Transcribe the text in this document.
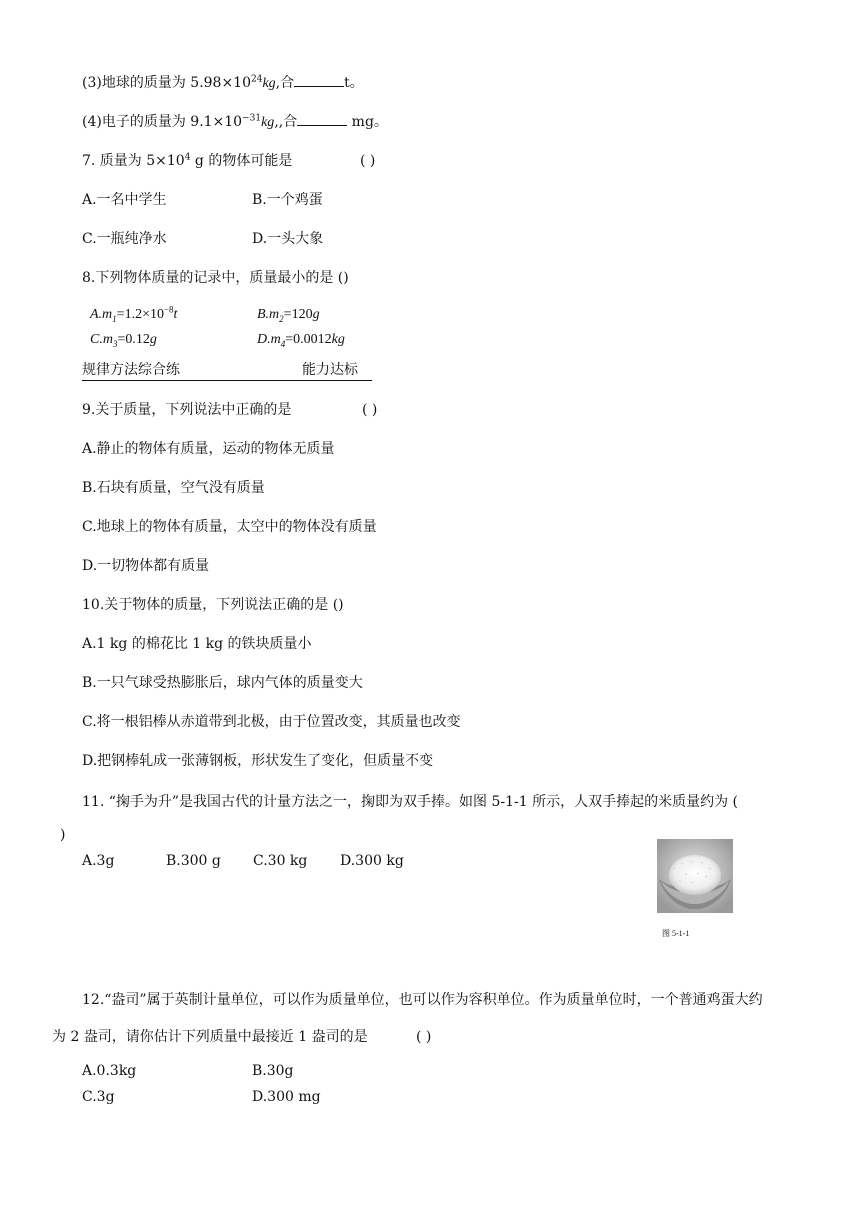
(3)地球的质量为 $5.98\times 10^{24}kg$,合	t。
(4)电子的质量为 $9.1\times 10^{-31}kg$,,合	mg。
7. 质量为 $5\times 10^4$ g 的物体可能是	( )
A.一名中学生	B.一个鸡蛋
C.一瓶纯净水	D.一头大象
8.下列物体质量的记录中，质量最小的是 ()
$A.m_1=1.2\times 10^{-8}t$	$B.m_2=120g$
$C.m_3=0.12g$	$D.m_4=0.0012kg$
规律方法综合练	能力达标
9.关于质量，下列说法中正确的是	( )
A.静止的物体有质量，运动的物体无质量
B.石块有质量，空气没有质量
C.地球上的物体有质量，太空中的物体没有质量
D.一切物体都有质量
10.关于物体的质量，下列说法正确的是 ()
A.1 kg 的棉花比 1 kg 的铁块质量小
B.一只气球受热膨胀后，球内气体的质量变大
C.将一根铝棒从赤道带到北极，由于位置改变，其质量也改变
D.把钢棒轧成一张薄钢板，形状发生了变化，但质量不变
11. “掬手为升”是我国古代的计量方法之一，掬即为双手捧。如图 5-1-1 所示，人双手捧起的米质量约为 (
)
A.3g	B.300 g C.30 kg D.300 kg
图 5-1-1
12.“盎司”属于英制计量单位，可以作为质量单位，也可以作为容积单位。作为质量单位时，一个普通鸡蛋大约
为 2 盎司，请你估计下列质量中最接近 1 盎司的是	( )
A.0.3kg	B.30g
C.3g	D.300 mg
